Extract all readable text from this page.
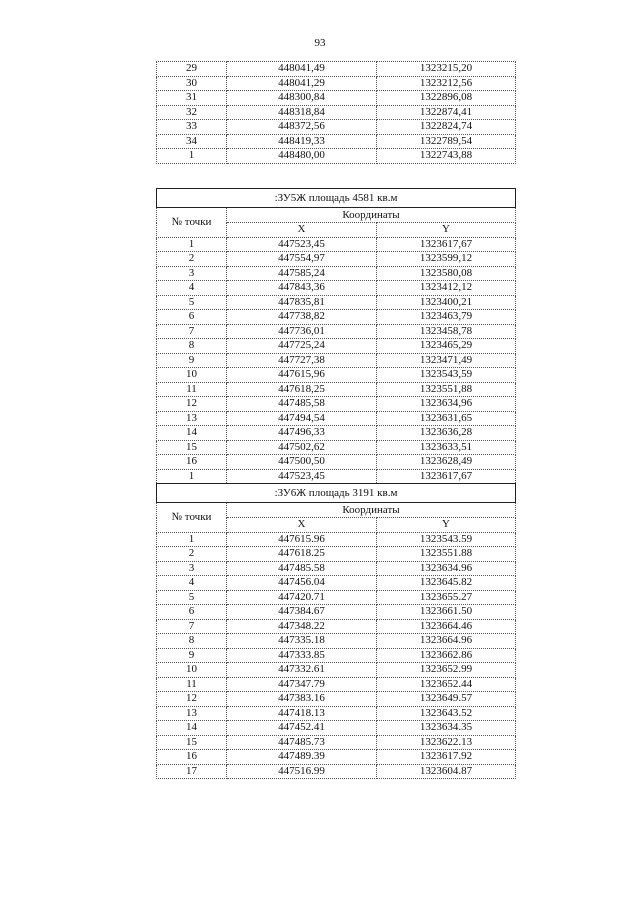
93
29	448041,49	1323215,20
30	448041,29	1323212,56
31	448300,84	1322896,08
32	448318,84	1322874,41
33	448372,56	1322824,74
34	448419,33	1322789,54
1	448480,00	1322743,88
:ЗУ5Ж площадь 4581 кв.м		
№ точки	Координаты	
	X	Y
1	447523,45	1323617,67
2	447554,97	1323599,12
3	447585,24	1323580,08
4	447843,36	1323412,12
5	447835,81	1323400,21
6	447738,82	1323463,79
7	447736,01	1323458,78
8	447725,24	1323465,29
9	447727,38	1323471,49
10	447615,96	1323543,59
11	447618,25	1323551,88
12	447485,58	1323634,96
13	447494,54	1323631,65
14	447496,33	1323636,28
15	447502,62	1323633,51
16	447500,50	1323628,49
1	447523,45	1323617,67
:ЗУ6Ж площадь 3191 кв.м		
№ точки	Координаты	
	X	Y
1	447615.96	1323543.59
2	447618.25	1323551.88
3	447485.58	1323634.96
4	447456.04	1323645.82
5	447420.71	1323655.27
6	447384.67	1323661.50
7	447348.22	1323664.46
8	447335.18	1323664.96
9	447333.85	1323662.86
10	447332.61	1323652.99
11	447347.79	1323652.44
12	447383.16	1323649.57
13	447418.13	1323643.52
14	447452.41	1323634.35
15	447485.73	1323622.13
16	447489.39	1323617.92
17	447516.99	1323604.87
